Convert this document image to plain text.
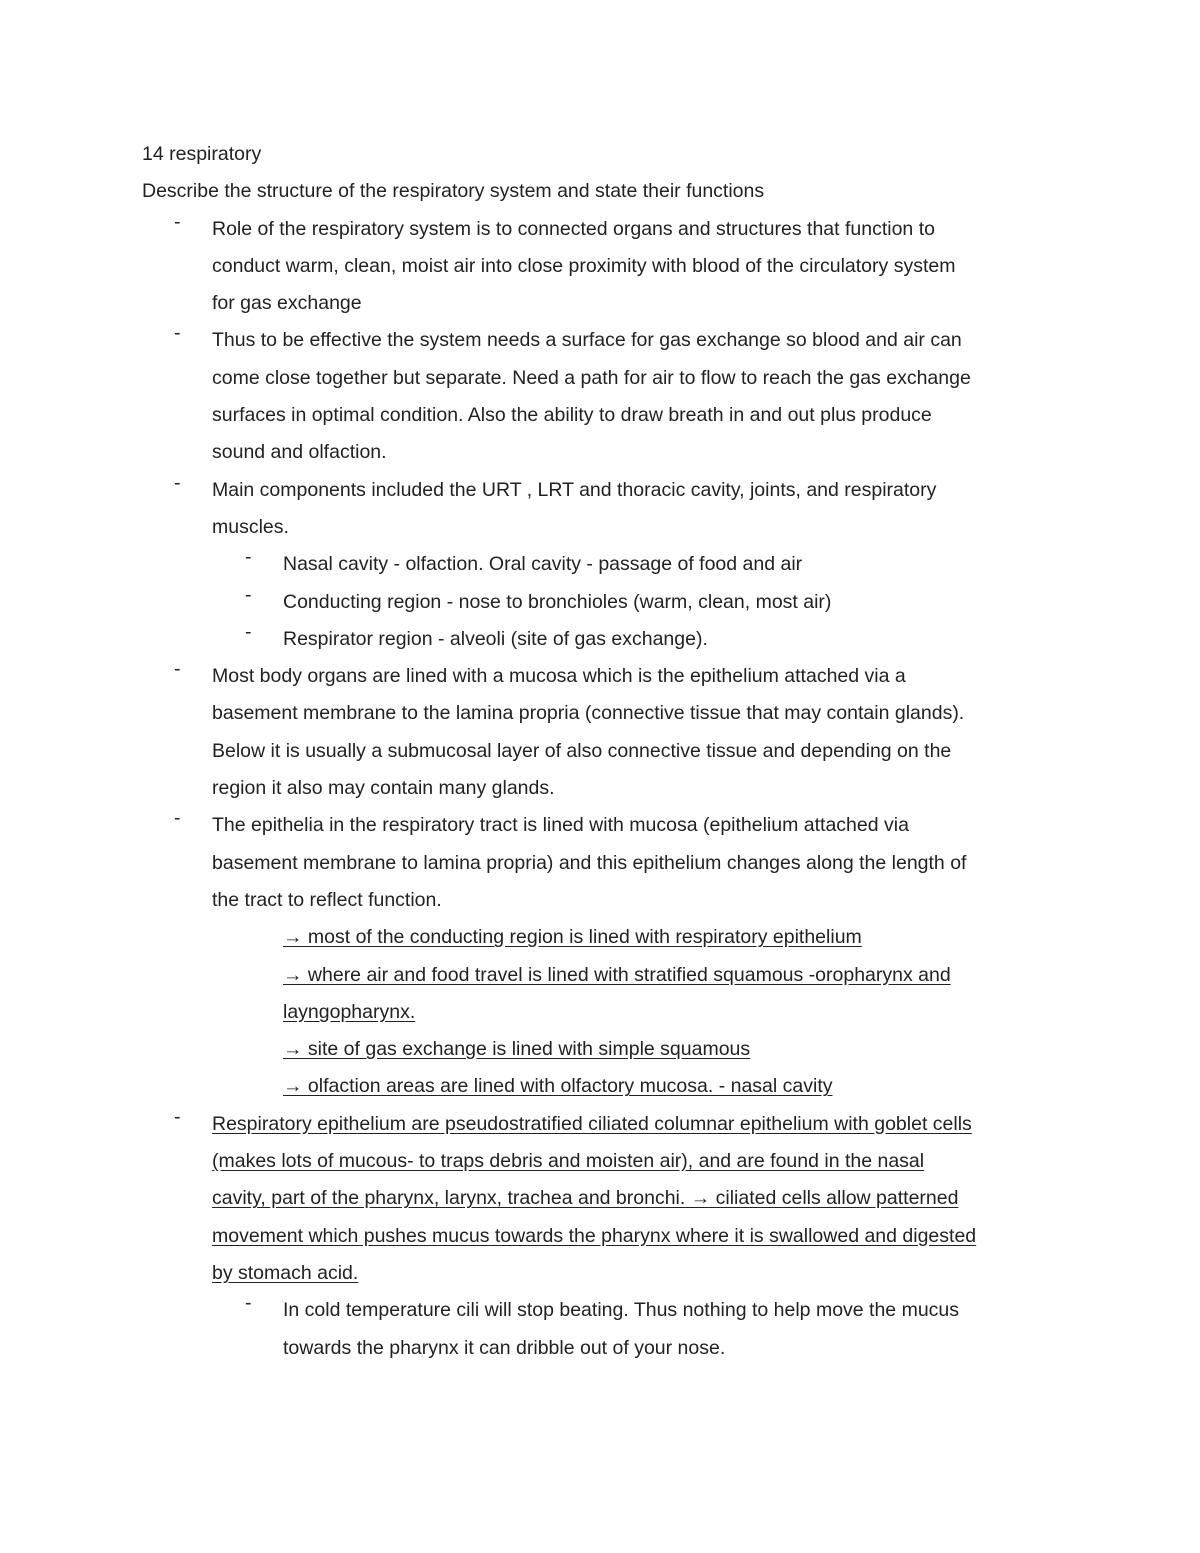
14 respiratory
Describe the structure of the respiratory system and state their functions
- Role of the respiratory system is to connected organs and structures that function to
conduct warm, clean, moist air into close proximity with blood of the circulatory system
for gas exchange
- Thus to be effective the system needs a surface for gas exchange so blood and air can
come close together but separate. Need a path for air to flow to reach the gas exchange
surfaces in optimal condition. Also the ability to draw breath in and out plus produce
sound and olfaction.
- Main components included the URT , LRT and thoracic cavity, joints, and respiratory
muscles.
- Nasal cavity - olfaction. Oral cavity - passage of food and air
- Conducting region - nose to bronchioles (warm, clean, most air)
- Respirator region - alveoli (site of gas exchange).
- Most body organs are lined with a mucosa which is the epithelium attached via a
basement membrane to the lamina propria (connective tissue that may contain glands).
Below it is usually a submucosal layer of also connective tissue and depending on the
region it also may contain many glands.
- The epithelia in the respiratory tract is lined with mucosa (epithelium attached via
basement membrane to lamina propria) and this epithelium changes along the length of
the tract to reflect function.
→ most of the conducting region is lined with respiratory epithelium
→ where air and food travel is lined with stratified squamous -oropharynx and
layngopharynx.
→ site of gas exchange is lined with simple squamous
→ olfaction areas are lined with olfactory mucosa. - nasal cavity
- Respiratory epithelium are pseudostratified ciliated columnar epithelium with goblet cells
(makes lots of mucous- to traps debris and moisten air), and are found in the nasal
cavity, part of the pharynx, larynx, trachea and bronchi. → ciliated cells allow patterned
movement which pushes mucus towards the pharynx where it is swallowed and digested
by stomach acid.
- In cold temperature cili will stop beating. Thus nothing to help move the mucus
towards the pharynx it can dribble out of your nose.
